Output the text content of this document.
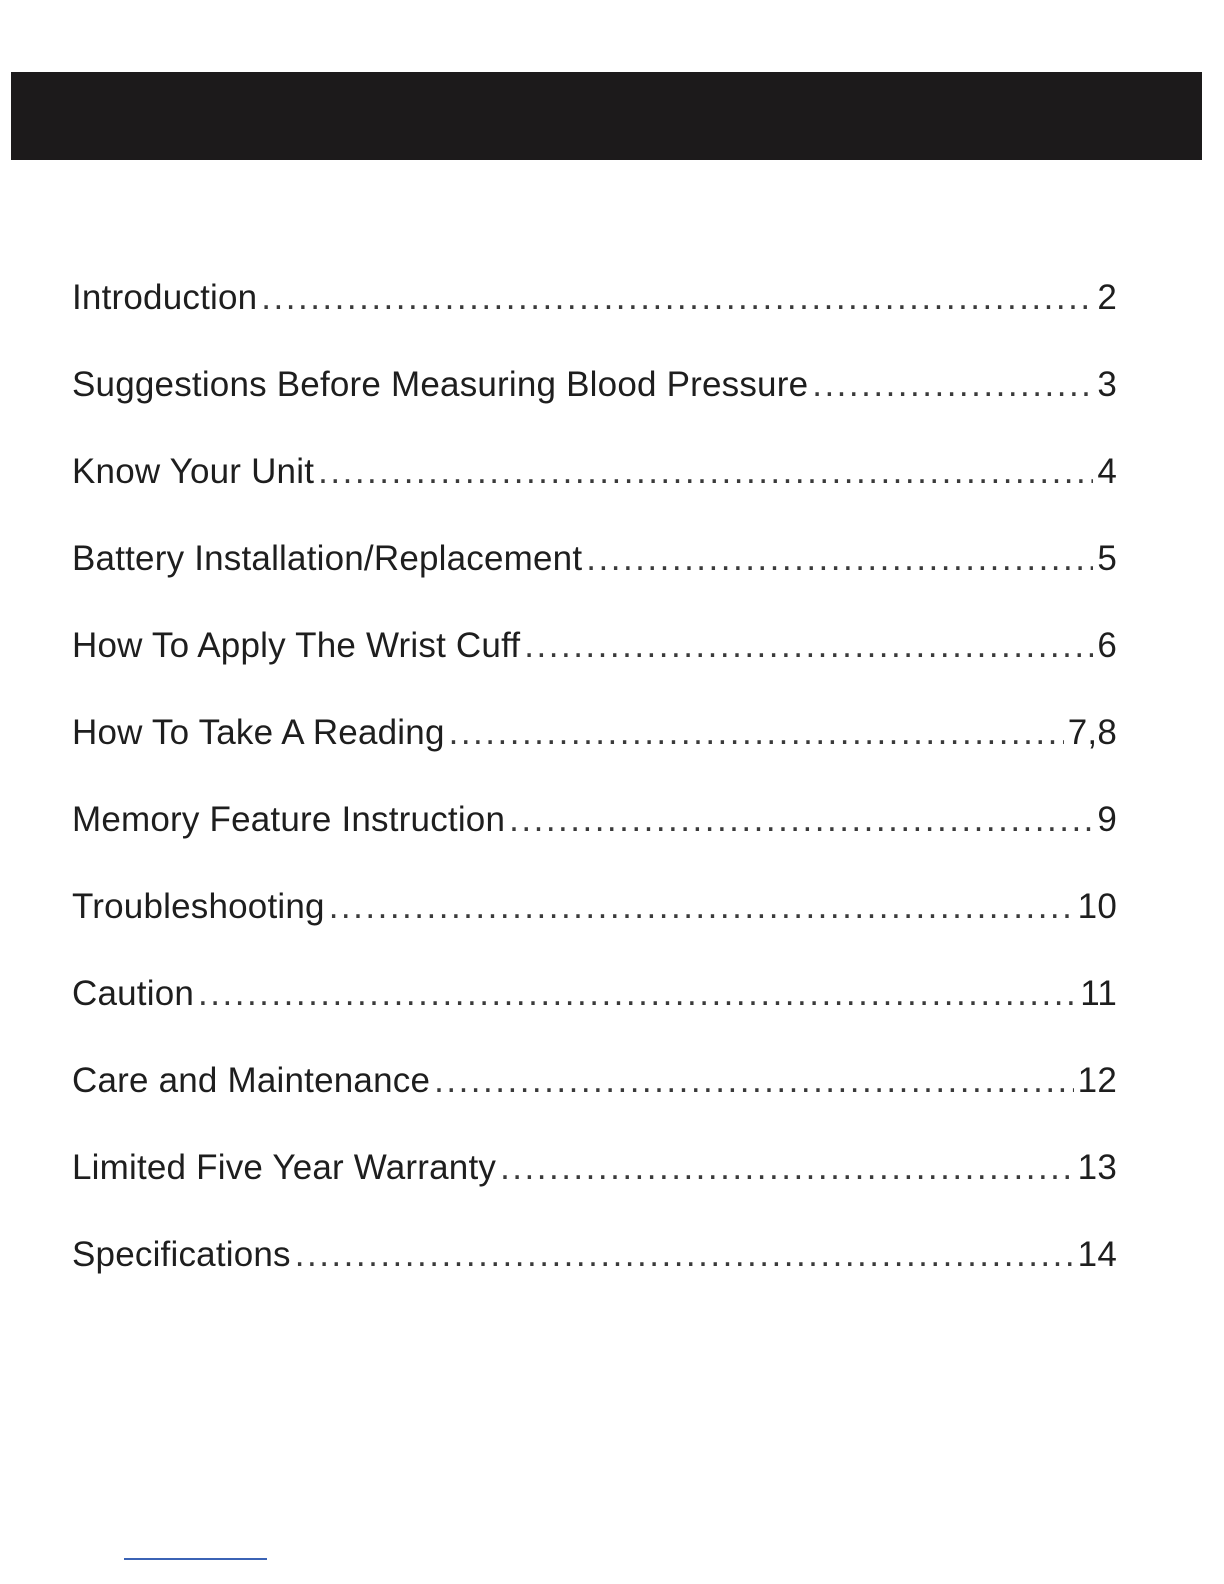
Introduction .....	2
Suggestions Before Measuring Blood Pressure .....	3
Know Your Unit .....	4
Battery Installation/Replacement .....	5
How To Apply The Wrist Cuff .....	6
How To Take A Reading .....	7,8
Memory Feature Instruction .....	9
Troubleshooting .....	10
Caution .....	11
Care and Maintenance .....	12
Limited Five Year Warranty .....	13
Specifications .....	14
